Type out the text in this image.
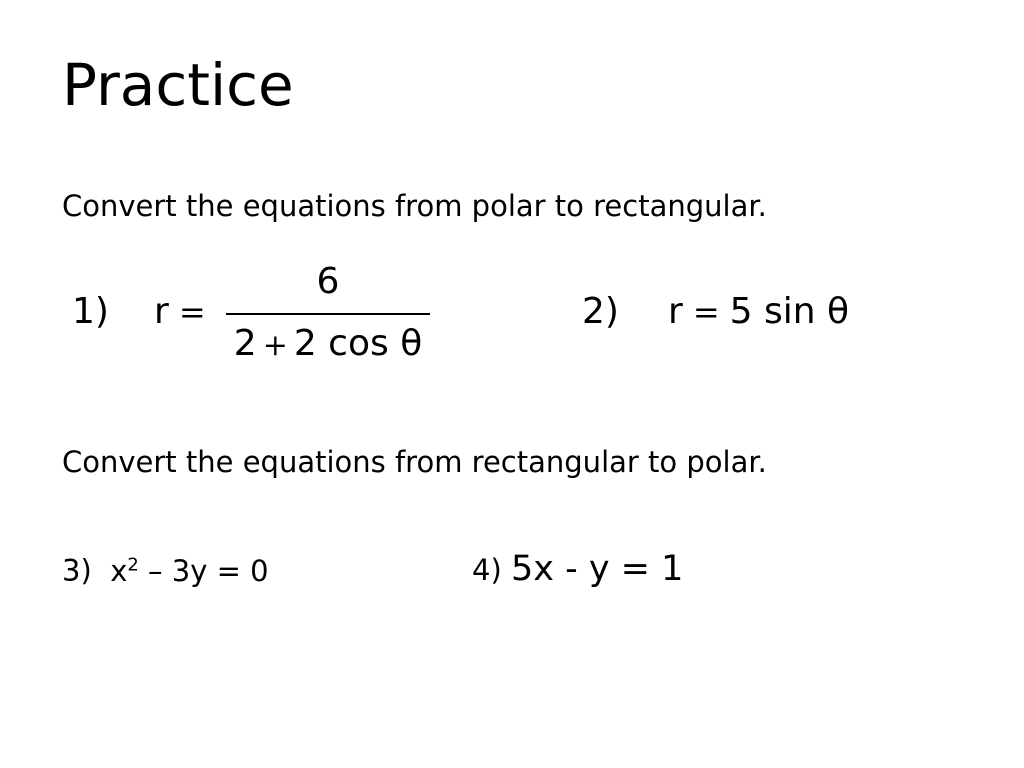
Practice
Convert the equations from polar to rectangular.
1) r =
6
2 + 2 cos θ
2) r = 5 sin θ
Convert the equations from rectangular to polar.
3) $x^2 - 3y = 0$	4) 5x - y = 1
